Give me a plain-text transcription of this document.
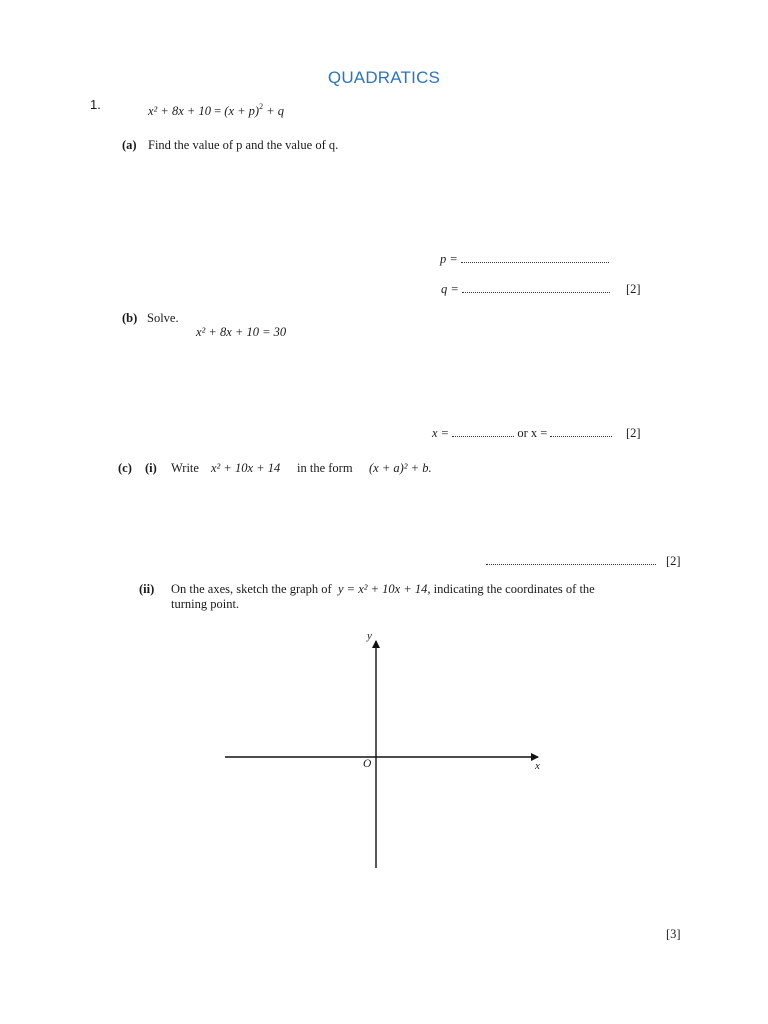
QUADRATICS
1.	$x^2 + 8x + 10 = (x + p)^2 + q$
(a) Find the value of p and the value of q.
p =
q =	[2]
(b) Solve.
x² + 8x + 10 = 30
x =	or x =	[2]
(c) (i) Write x² + 10x + 14 in the form (x + a)² + b.
[2]
(ii) On the axes, sketch the graph of y = x² + 10x + 14, indicating the coordinates of the
turning point.
x
y
O
[3]
